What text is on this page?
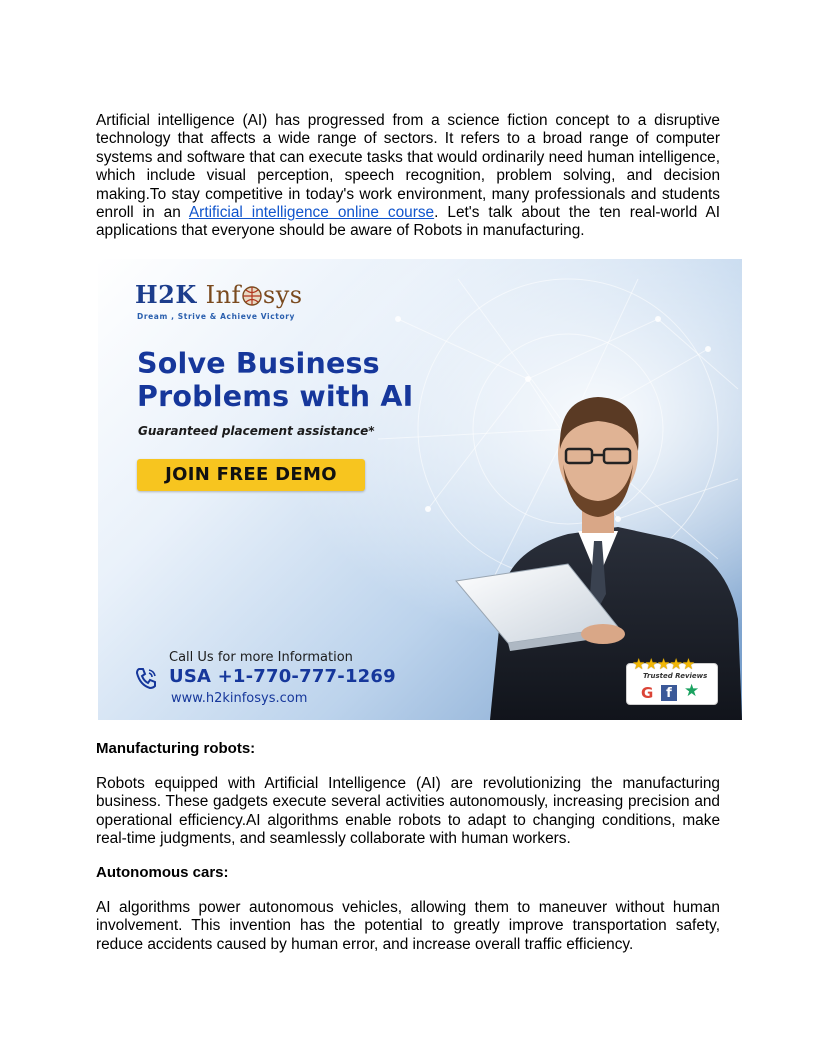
Artificial intelligence (AI) has progressed from a science fiction concept to a disruptive technology that affects a wide range of sectors. It refers to a broad range of computer systems and software that can execute tasks that would ordinarily need human intelligence, which include visual perception, speech recognition, problem solving, and decision making.To stay competitive in today's work environment, many professionals and students enroll in an Artificial intelligence online course. Let's talk about the ten real-world AI applications that everyone should be aware of Robots in manufacturing.

H2K Inf sys
Dream , Strive & Achieve Victory
Solve Business
Problems with AI
Guaranteed placement assistance*
JOIN FREE DEMO
Call Us for more Information
USA +1-770-777-1269
www.h2kinfosys.com
★★★★★
Trusted Reviews
G f ★
Manufacturing robots:

Robots equipped with Artificial Intelligence (AI) are revolutionizing the manufacturing business. These gadgets execute several activities autonomously, increasing precision and operational efficiency.AI algorithms enable robots to adapt to changing conditions, make real-time judgments, and seamlessly collaborate with human workers.

Autonomous cars:

AI algorithms power autonomous vehicles, allowing them to maneuver without human involvement. This invention has the potential to greatly improve transportation safety, reduce accidents caused by human error, and increase overall traffic efficiency.
